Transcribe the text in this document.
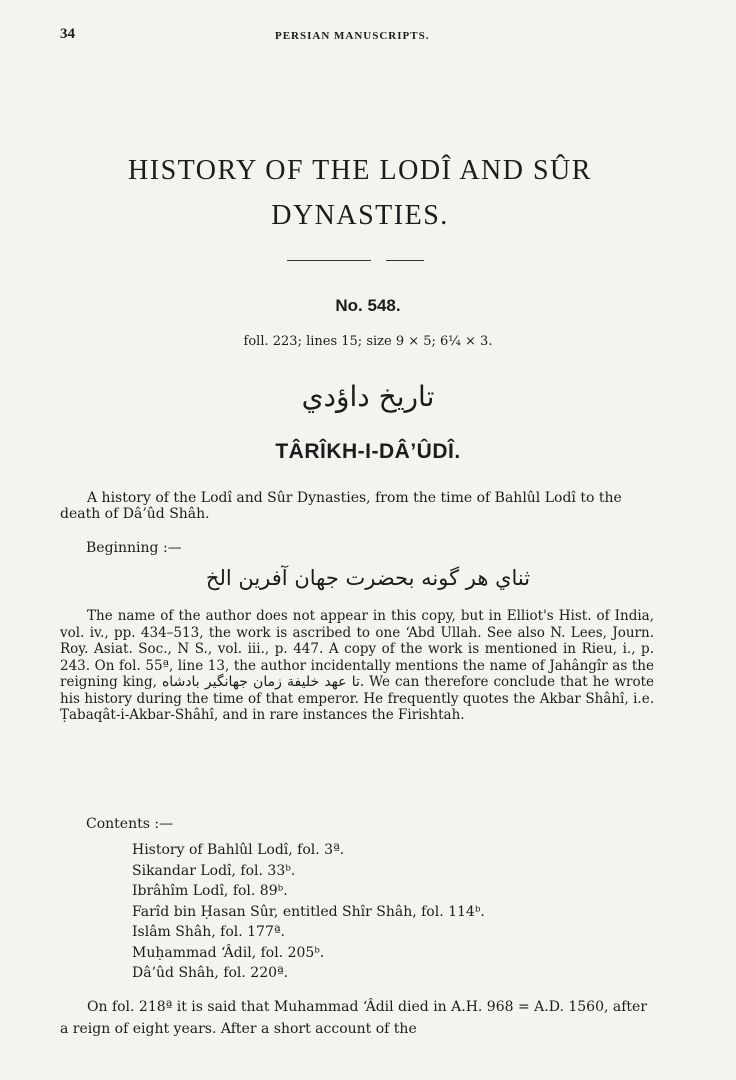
34	PERSIAN MANUSCRIPTS.
HISTORY OF THE LODÎ AND SÛR
DYNASTIES.
No. 548.
foll. 223; lines 15; size 9 × 5; 6¼ × 3.
تاریخ داؤدي
TÂRÎKH-I-DÂ’ÛDÎ.

A history of the Lodî and Sûr Dynasties, from the time of Bahlûl Lodî to the death of Dâ’ûd Shâh.

Beginning :—
ثناي هر گونه بحضرت جهان آفرين الخ

The name of the author does not appear in this copy, but in Elliot's Hist. of India, vol. iv., pp. 434–513, the work is ascribed to one ‘Abd Ullah. See also N. Lees, Journ. Roy. Asiat. Soc., N S., vol. iii., p. 447. A copy of the work is mentioned in Rieu, i., p. 243. On fol. 55ª, line 13, the author incidentally mentions the name of Jahângîr as the reigning king, تا عهد خليفة زمان جهانگير بادشاه. We can therefore conclude that he wrote his history during the time of that emperor. He frequently quotes the Akbar Shâhî, i.e. Ṭabaqât-i-Akbar-Shâhî, and in rare instances the Firishtah.

Contents :—
History of Bahlûl Lodî, fol. 3ª.
Sikandar Lodî, fol. 33ᵇ.
Ibrâhîm Lodî, fol. 89ᵇ.
Farîd bin Ḥasan Sûr, entitled Shîr Shâh, fol. 114ᵇ.
Islâm Shâh, fol. 177ª.
Muḥammad ‘Âdil, fol. 205ᵇ.
Dâ’ûd Shâh, fol. 220ª.

On fol. 218ª it is said that Muhammad ‘Âdil died in A.H. 968 = A.D. 1560, after a reign of eight years. After a short account of the
